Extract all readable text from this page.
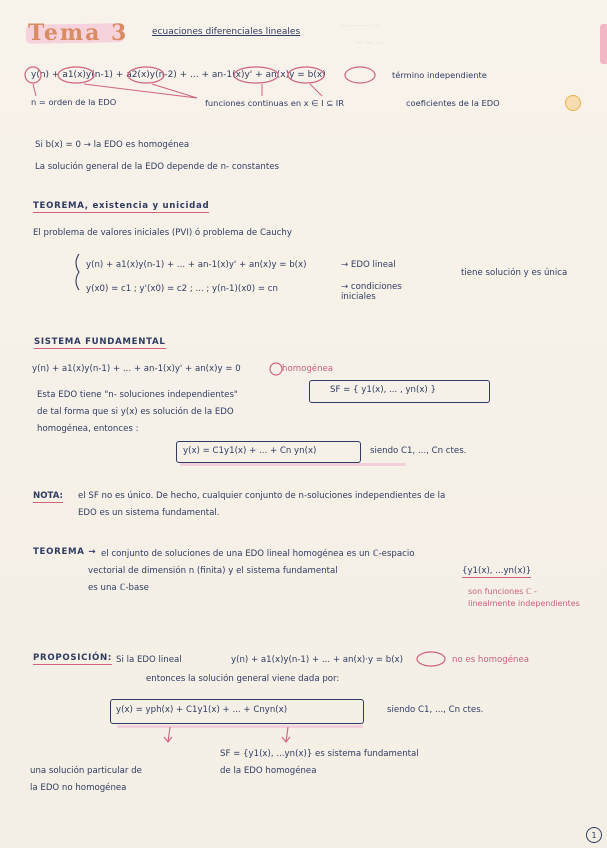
Tema 3	ecuaciones diferenciales lineales
— — — —
— — —
y(n) + a1(x)y(n-1) + a2(x)y(n-2) + ... + an-1(x)y' + an(x)y = b(x)	término independiente
n = orden de la EDO	funciones continuas en x ∈ I ⊆ IR	coeficientes de la EDO
Si b(x) = 0 → la EDO es homogénea
La solución general de la EDO depende de n- constantes
TEOREMA, existencia y unicidad
El problema de valores iniciales (PVI) ó problema de Cauchy
y(n) + a1(x)y(n-1) + ... + an-1(x)y' + an(x)y = b(x)
y(x0) = c1 ; y'(x0) = c2 ; ... ; y(n-1)(x0) = cn
→ EDO lineal
→ condiciones iniciales
tiene solución y es única
SISTEMA FUNDAMENTAL
y(n) + a1(x)y(n-1) + ... + an-1(x)y' + an(x)y = 0	homogénea
Esta EDO tiene "n- soluciones independientes"
de tal forma que si y(x) es solución de la EDO
homogénea, entonces :
SF = { y1(x), ... , yn(x) }
y(x) = C1y1(x) + ... + Cn yn(x)	siendo C1, ..., Cn ctes.
NOTA: el SF no es único. De hecho, cualquier conjunto de n-soluciones independientes de la
EDO es un sistema fundamental.
TEOREMA → el conjunto de soluciones de una EDO lineal homogénea es un ℂ-espacio
vectorial de dimensión n (finita) y el sistema fundamental	{y1(x), ...yn(x)}
es una ℂ-base	son funciones ℂ -
linealmente independientes
PROPOSICIÓN: Si la EDO lineal	y(n) + a1(x)y(n-1) + ... + an(x)·y = b(x)	no es homogénea
entonces la solución general viene dada por:
y(x) = yph(x) + C1y1(x) + ... + Cnyn(x)	siendo C1, ..., Cn ctes.
SF = {y1(x), ...yn(x)} es sistema fundamental
de la EDO homogénea
una solución particular de
la EDO no homogénea
1
